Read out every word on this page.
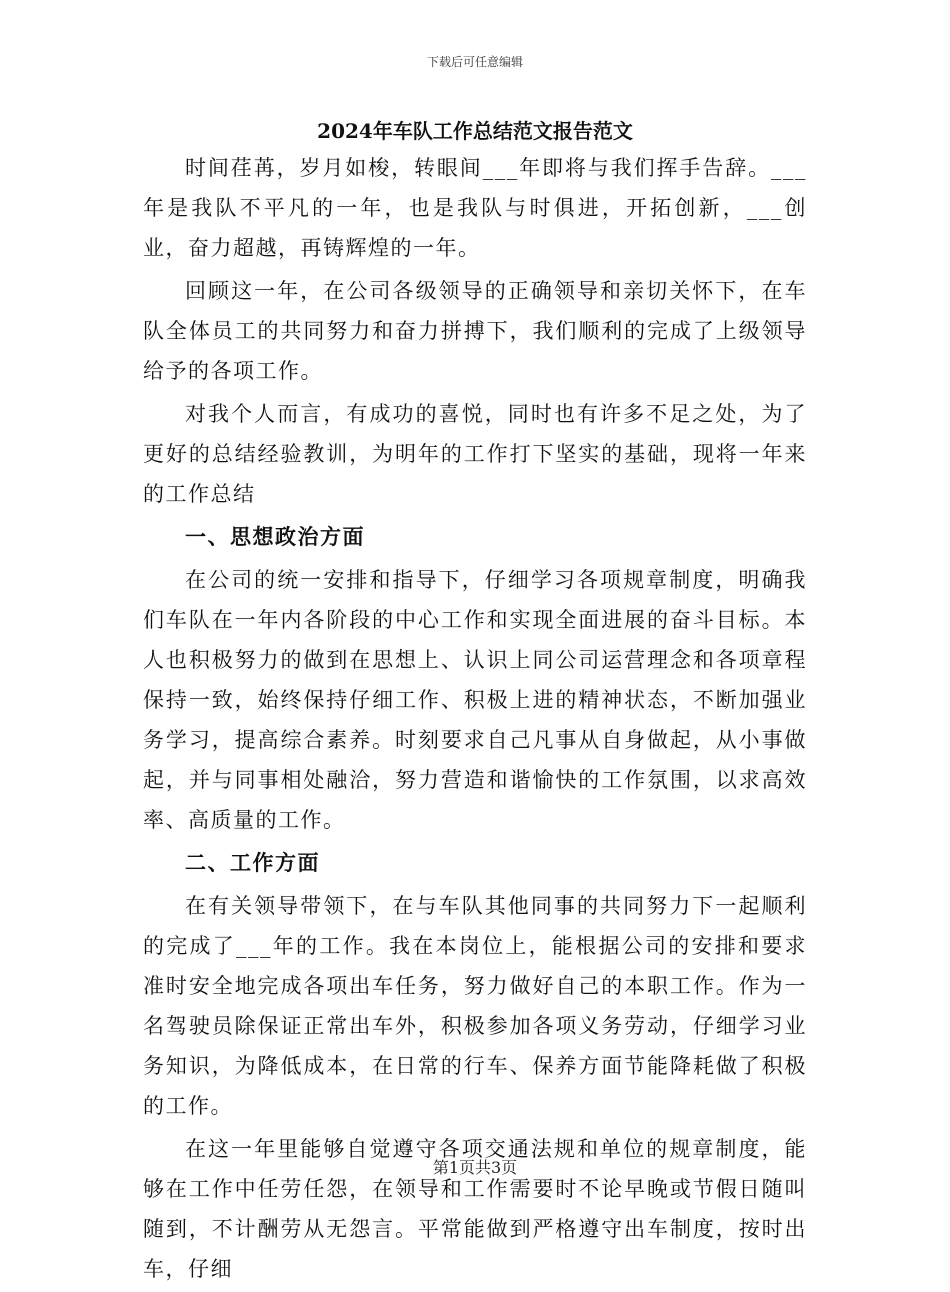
下载后可任意编辑
2024年车队工作总结范文报告范文

时间荏苒，岁月如梭，转眼间___年即将与我们挥手告辞。___年是我队不平凡的一年，也是我队与时俱进，开拓创新，___创业，奋力超越，再铸辉煌的一年。

回顾这一年，在公司各级领导的正确领导和亲切关怀下，在车队全体员工的共同努力和奋力拼搏下，我们顺利的完成了上级领导给予的各项工作。

对我个人而言，有成功的喜悦，同时也有许多不足之处，为了更好的总结经验教训，为明年的工作打下坚实的基础，现将一年来的工作总结

一、思想政治方面

在公司的统一安排和指导下，仔细学习各项规章制度，明确我们车队在一年内各阶段的中心工作和实现全面进展的奋斗目标。本人也积极努力的做到在思想上、认识上同公司运营理念和各项章程保持一致，始终保持仔细工作、积极上进的精神状态，不断加强业务学习，提高综合素养。时刻要求自己凡事从自身做起，从小事做起，并与同事相处融洽，努力营造和谐愉快的工作氛围，以求高效率、高质量的工作。

二、工作方面

在有关领导带领下，在与车队其他同事的共同努力下一起顺利的完成了___年的工作。我在本岗位上，能根据公司的安排和要求准时安全地完成各项出车任务，努力做好自己的本职工作。作为一名驾驶员除保证正常出车外，积极参加各项义务劳动，仔细学习业务知识，为降低成本，在日常的行车、保养方面节能降耗做了积极的工作。

在这一年里能够自觉遵守各项交通法规和单位的规章制度，能够在工作中任劳任怨，在领导和工作需要时不论早晚或节假日随叫随到，不计酬劳从无怨言。平常能做到严格遵守出车制度，按时出车，仔细

第1页共3页
